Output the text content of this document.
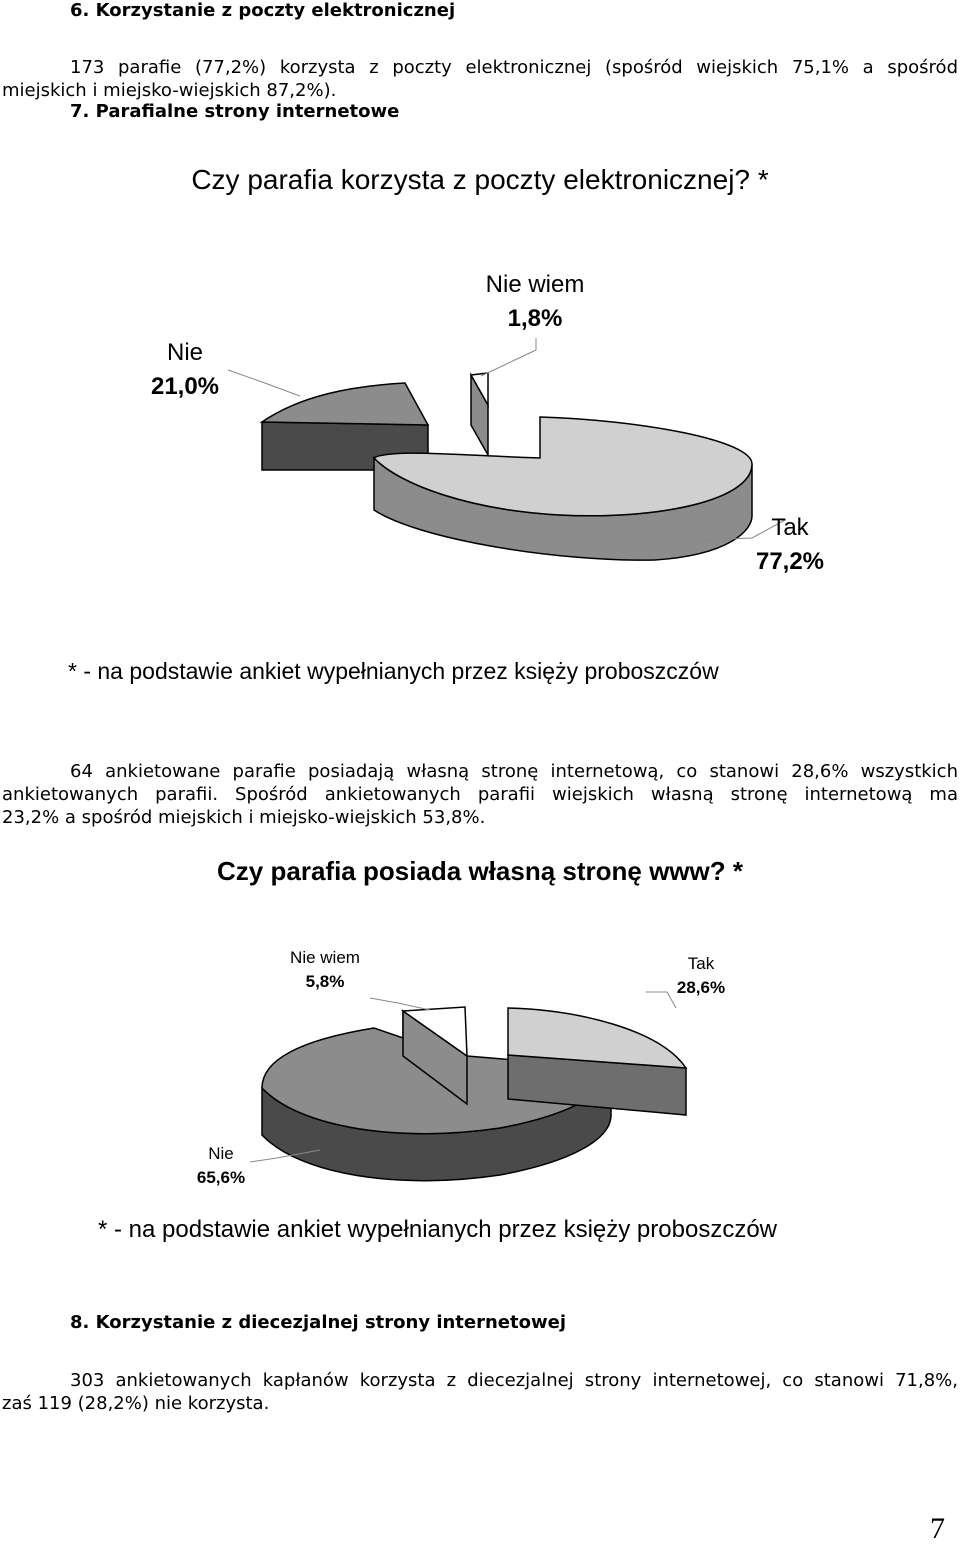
6. Korzystanie z poczty elektronicznej
173 parafie (77,2%) korzysta z poczty elektronicznej (spośród wiejskich 75,1% a spośród
miejskich i miejsko-wiejskich 87,2%).
7. Parafialne strony internetowe
Czy parafia korzysta z poczty elektronicznej? *
Nie
21,0%
Nie wiem
1,8%
Tak
77,2%
* - na podstawie ankiet wypełnianych przez księży proboszczów
64 ankietowane parafie posiadają własną stronę internetową, co stanowi 28,6% wszystkich
ankietowanych parafii. Spośród ankietowanych parafii wiejskich własną stronę internetową ma
23,2% a spośród miejskich i miejsko-wiejskich 53,8%.
Czy parafia posiada własną stronę www? *
Nie wiem
5,8%
Tak
28,6%
Nie
65,6%
* - na podstawie ankiet wypełnianych przez księży proboszczów
8. Korzystanie z diecezjalnej strony internetowej
303 ankietowanych kapłanów korzysta z diecezjalnej strony internetowej, co stanowi 71,8%,
zaś 119 (28,2%) nie korzysta.
7
